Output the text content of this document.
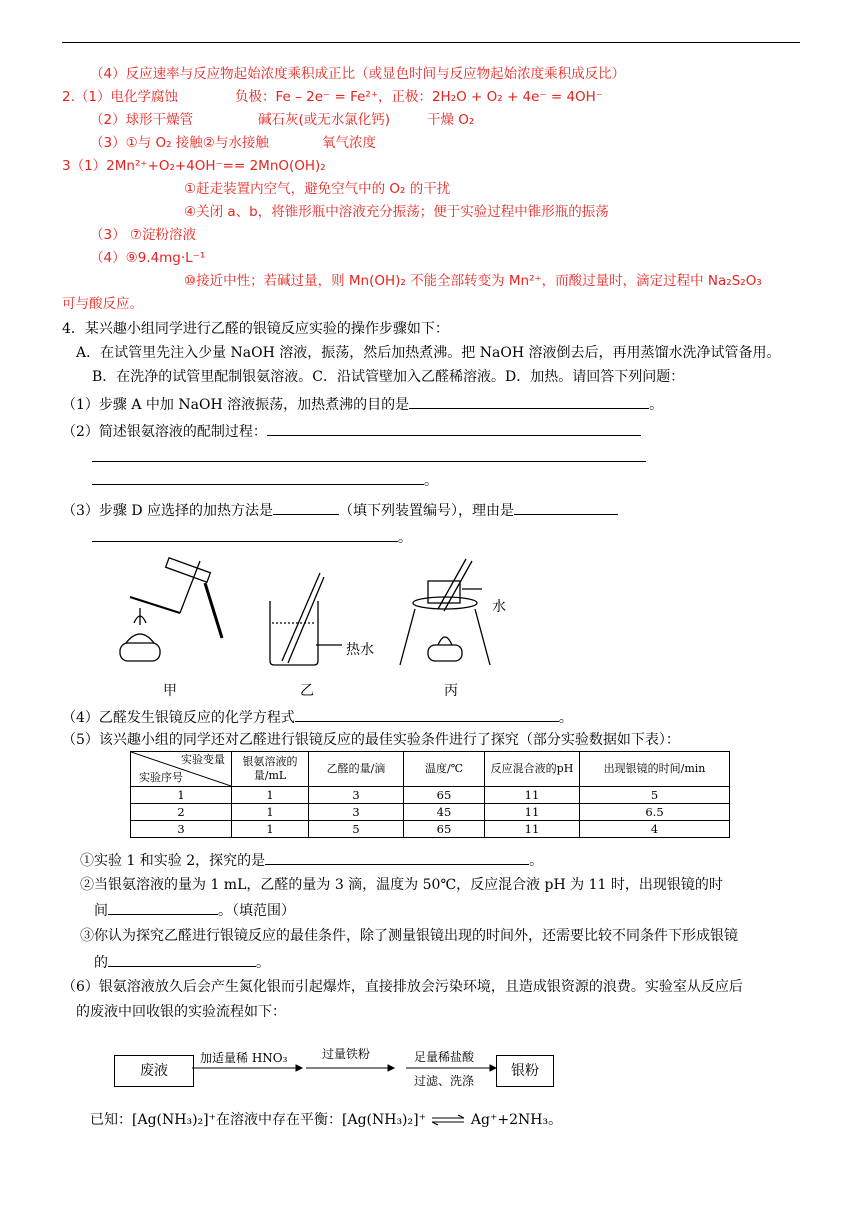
（4）反应速率与反应物起始浓度乘积成正比（或显色时间与反应物起始浓度乘积成反比）
2.（1）电化学腐蚀	负极：Fe – 2e⁻ = Fe²⁺，正极：2H₂O + O₂ + 4e⁻ = 4OH⁻
（2）球形干燥管	碱石灰(或无水氯化钙)	干燥 O₂
（3）①与 O₂ 接触②与水接触	氧气浓度
3（1）2Mn²⁺+O₂+4OH⁻== 2MnO(OH)₂
①赶走装置内空气，避免空气中的 O₂ 的干扰
④关闭 a、b，将锥形瓶中溶液充分振荡；便于实验过程中锥形瓶的振荡
（3） ⑦淀粉溶液
（4）⑨9.4mg·L⁻¹
⑩接近中性；若碱过量，则 Mn(OH)₂ 不能全部转变为 Mn²⁺，而酸过量时，滴定过程中 Na₂S₂O₃
可与酸反应。
4．某兴趣小组同学进行乙醛的银镜反应实验的操作步骤如下：
A．在试管里先注入少量 NaOH 溶液，振荡，然后加热煮沸。把 NaOH 溶液倒去后，再用蒸馏水洗净试管备用。
B．在洗净的试管里配制银氨溶液。C．沿试管壁加入乙醛稀溶液。D．加热。请回答下列问题：
（1）步骤 A 中加 NaOH 溶液振荡，加热煮沸的目的是	。
（2）简述银氨溶液的配制过程：
。
（3）步骤 D 应选择的加热方法是	（填下列装置编号），理由是
。
热水
水
甲	乙	丙
（4）乙醛发生银镜反应的化学方程式	。
（5）该兴趣小组的同学还对乙醛进行银镜反应的最佳实验条件进行了探究（部分实验数据如下表）：
实验变量
实验序号	银氨溶液的量/mL	乙醛的量/滴	温度/℃	反应混合液的pH	出现银镜的时间/min
1	1	3	65	11	5
2	1	3	45	11	6.5
3	1	5	65	11	4
①实验 1 和实验 2，探究的是	。
②当银氨溶液的量为 1 mL，乙醛的量为 3 滴，温度为 50℃，反应混合液 pH 为 11 时，出现银镜的时
间	。（填范围）
③你认为探究乙醛进行银镜反应的最佳条件，除了测量银镜出现的时间外，还需要比较不同条件下形成银镜
的	。
（6）银氨溶液放久后会产生氮化银而引起爆炸，直接排放会污染环境，且造成银资源的浪费。实验室从反应后
的废液中回收银的实验流程如下：
废液
加适量稀 HNO₃	过量铁粉	足量稀盐酸
过滤、洗涤
银粉
已知：[Ag(NH₃)₂]⁺在溶液中存在平衡：[Ag(NH₃)₂]⁺ ⇌ Ag⁺+2NH₃。
